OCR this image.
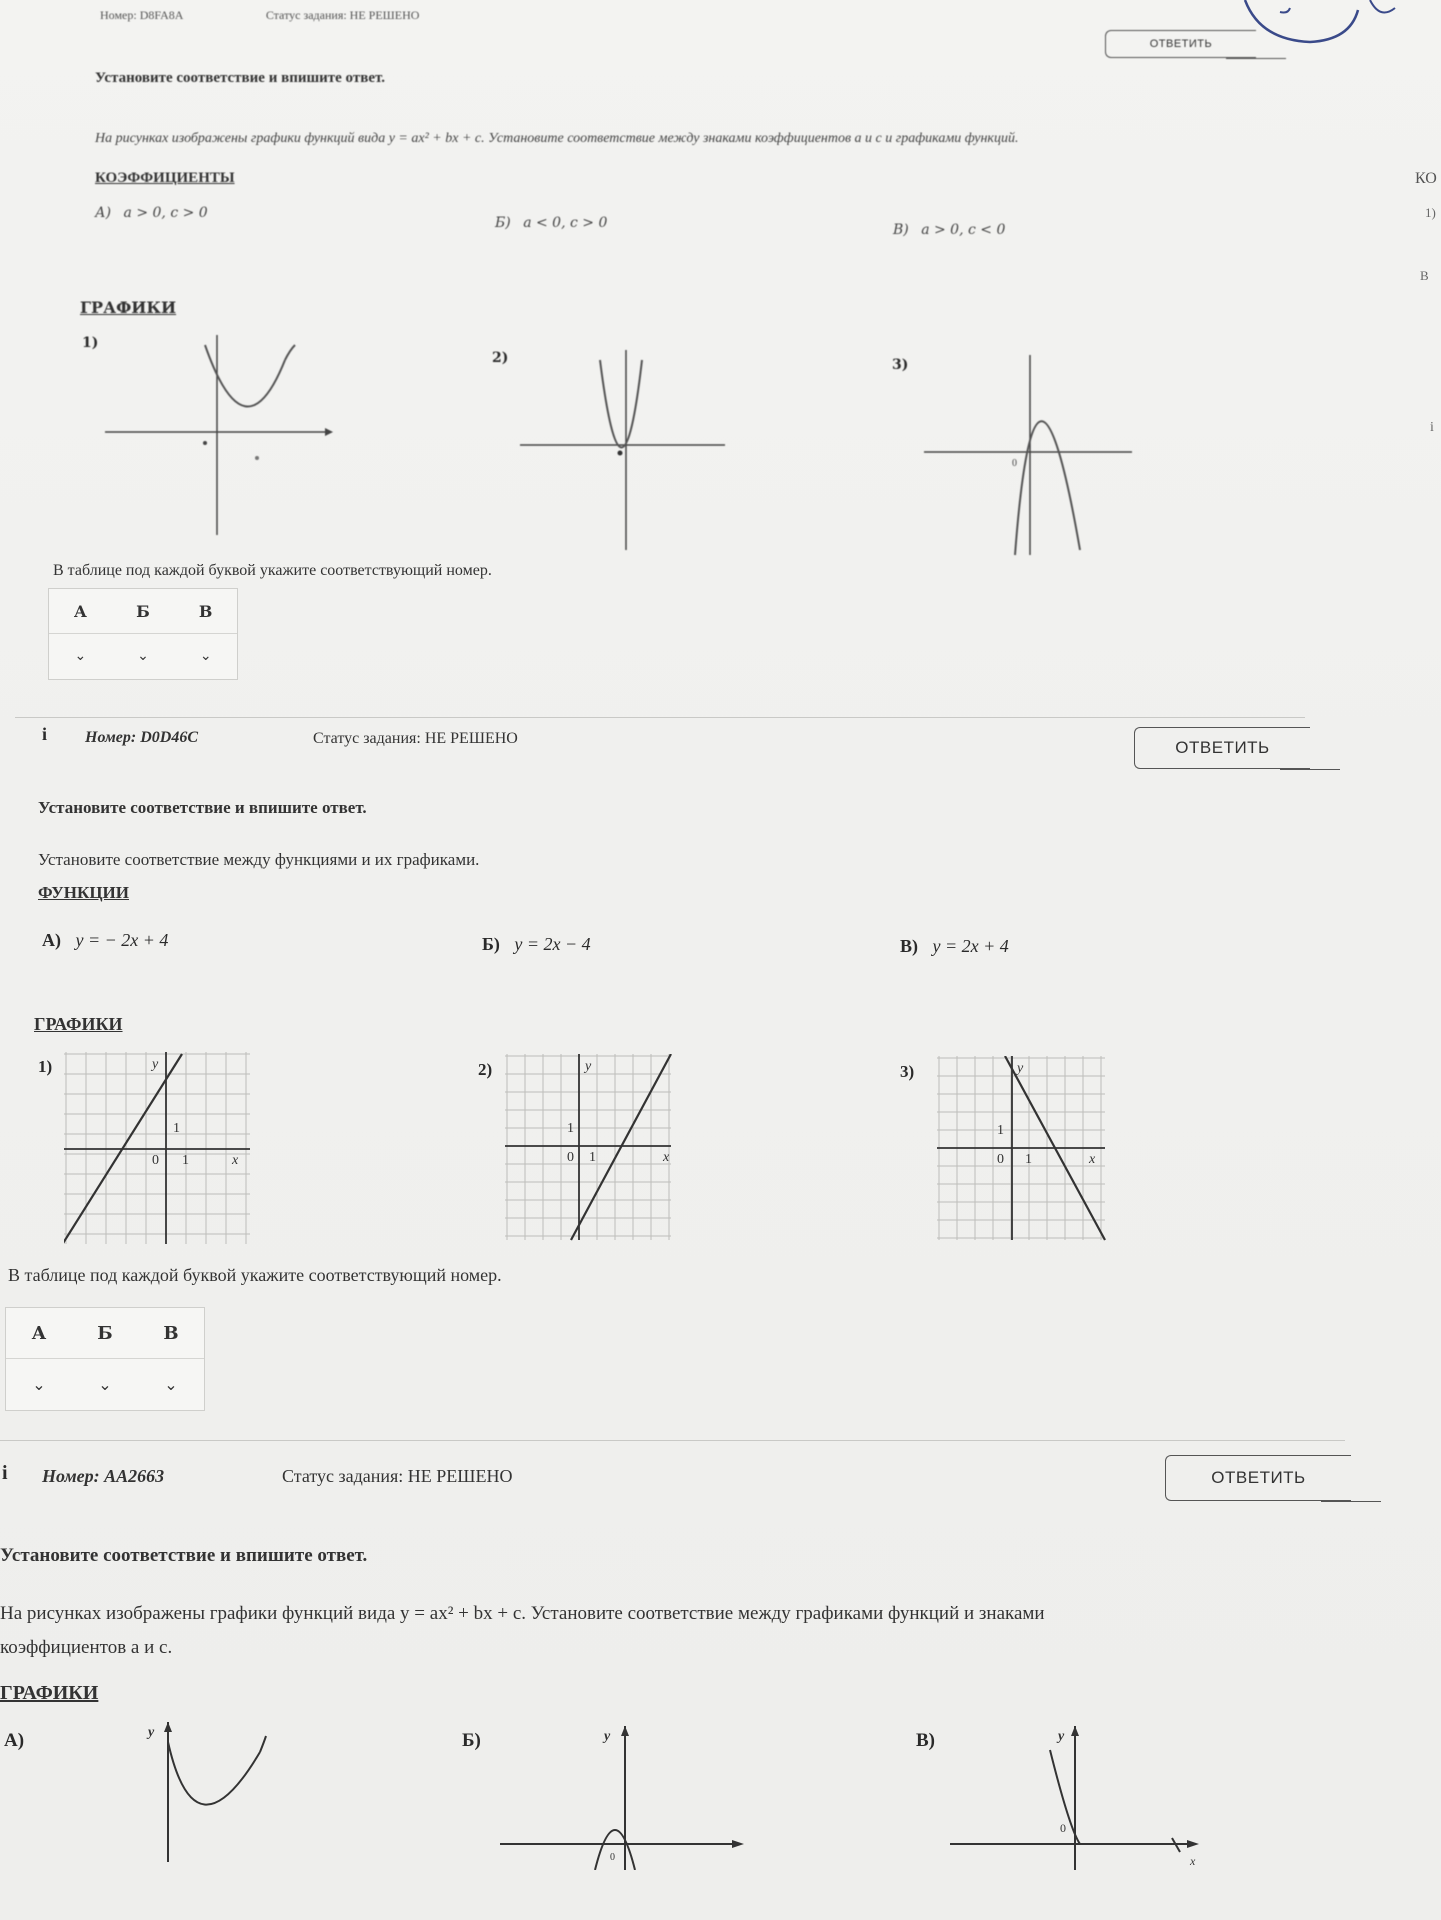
Номер: D8FA8A	Статус задания: НЕ РЕШЕНО
ОТВЕТИТЬ
Установите соответствие и впишите ответ.
На рисунках изображены графики функций вида y = ax² + bx + c. Установите соответствие между знаками коэффициентов a и c и графиками функций.
КОЭФФИЦИЕНТЫ
А) a > 0, c > 0
Б) a < 0, c > 0	В) a > 0, c < 0
ГРАФИКИ
1)
2)	3)
0
В таблице под каждой буквой укажите соответствующий номер.
А	Б	В
⌄	⌄	⌄
i Номер: D0D46C	Статус задания: НЕ РЕШЕНО	ОТВЕТИТЬ
Установите соответствие и впишите ответ.
Установите соответствие между функциями и их графиками.
ФУНКЦИИ
А) y = − 2x + 4	Б) y = 2x − 4	В) y = 2x + 4
ГРАФИКИ
1)	y
1
0 1	x
2)	y
1
0 1	x
3)	y
1
0 1	x
В таблице под каждой буквой укажите соответствующий номер.
А	Б	В
⌄	⌄	⌄
i Номер: AA2663	Статус задания: НЕ РЕШЕНО	ОТВЕТИТЬ
Установите соответствие и впишите ответ.
На рисунках изображены графики функций вида y = ax² + bx + c. Установите соответствие между графиками функций и знаками
коэффициентов a и c.
ГРАФИКИ
А)	y	Б)	y
0
В)	y
0
x
КО
1)
В
i
